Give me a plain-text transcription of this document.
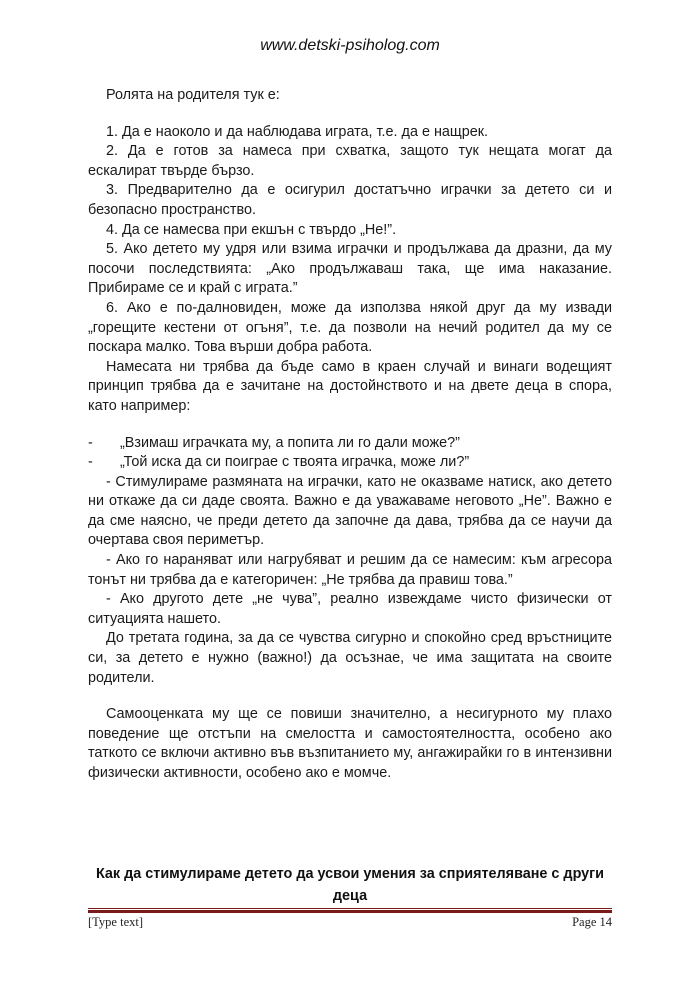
www.detski-psiholog.com

Ролята на родителя тук е:

1. Да е наоколо и да наблюдава играта, т.е. да е нащрек.

2. Да е готов за намеса при схватка, защото тук нещата могат да ескалират твърде бързо.

3. Предварително да е осигурил достатъчно играчки за детето си и безопасно пространство.

4. Да се намесва при екшън с твърдо „Не!”.

5. Ако детето му удря или взима играчки и продължава да дразни, да му посочи последствията: „Ако продължаваш така, ще има наказание. Прибираме се и край с играта.”

6. Ако е по-далновиден, може да използва някой друг да му извади „горещите кестени от огъня”, т.е. да позволи на нечий родител да му се поскара малко. Това върши добра работа.

Намесата ни трябва да бъде само в краен случай и винаги водещият принцип трябва да е зачитане на достойнството и на двете деца в спора, като например:

- „Взимаш играчката му, а попита ли го дали може?”

- „Той иска да си поиграе с твоята играчка, може ли?”

- Стимулираме размяната на играчки, като не оказваме натиск, ако детето ни откаже да си даде своята. Важно е да уважаваме неговото „Не”. Важно е да сме наясно, че преди детето да започне да дава, трябва да се научи да очертава своя периметър.

- Ако го нараняват или нагрубяват и решим да се намесим: към агресора тонът ни трябва да е категоричен: „Не трябва да правиш това.”

- Ако другото дете „не чува”, реално извеждаме чисто физически от ситуацията нашето.

До третата година, за да се чувства сигурно и спокойно сред връстниците си, за детето е нужно (важно!) да осъзнае, че има защитата на своите родители.

Самооценката му ще се повиши значително, а несигурното му плахо поведение ще отстъпи на смелостта и самостоятелността, особено ако таткото се включи активно във възпитанието му, ангажирайки го в интензивни физически активности, особено ако е момче.

Как да стимулираме детето да усвои умения за сприятеляване с други деца
[Type text]	Page 14
